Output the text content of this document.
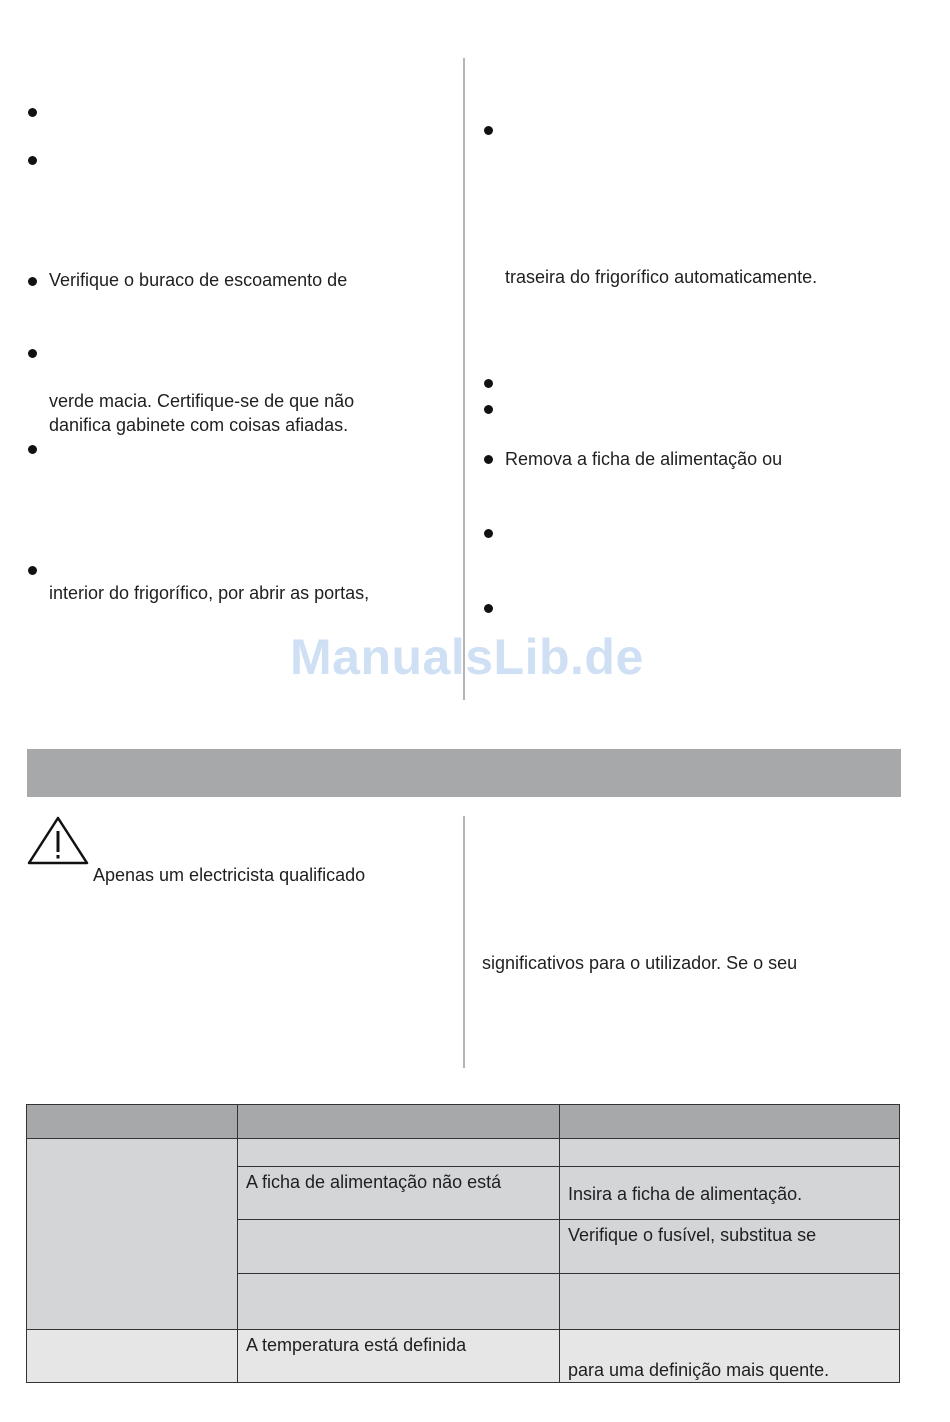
Verifique o buraco de escoamento de
verde macia. Certifique-se de que não
danifica gabinete com coisas afiadas.
interior do frigorífico, por abrir as portas,
traseira do frigorífico automaticamente.
Remova a ficha de alimentação ou
ManualsLib.de
Apenas um electricista qualificado
significativos para o utilizador. Se o seu
A ficha de alimentação não está
Insira a ficha de alimentação.
Verifique o fusível, substitua se
A temperatura está definida
para uma definição mais quente.
